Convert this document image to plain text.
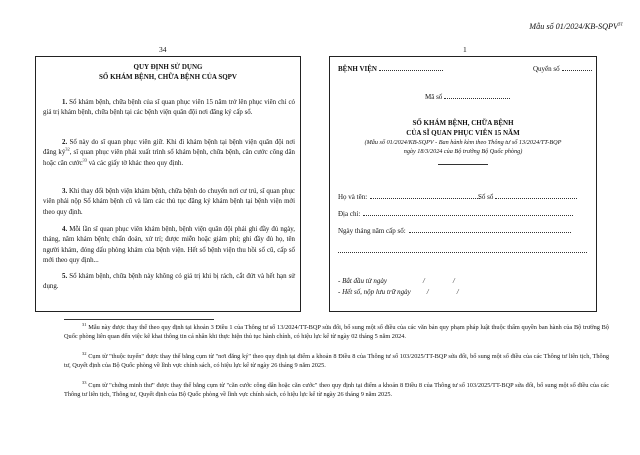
Mẫu số 01/2024/KB-SQPV$^{31}$
34
QUY ĐỊNH SỬ DỤNG
SỔ KHÁM BỆNH, CHỮA BỆNH CỦA SQPV
1. Sổ khám bệnh, chữa bệnh của sĩ quan phục viên 15 năm trở lên phục viên chỉ có giá trị khám bệnh, chữa bệnh tại các bệnh viện quân đội nơi đăng ký cấp sổ.
2. Sổ này do sĩ quan phục viên giữ. Khi đi khám bệnh tại bệnh viện quân đội nơi đăng $ký^{32}$, sĩ quan phục viên phải xuất trình sổ khám bệnh, chữa bệnh, căn cước công dân hoặc căn cước$^{33}$ và các giấy tờ khác theo quy định.
3. Khi thay đổi bệnh viện khám bệnh, chữa bệnh do chuyển nơi cư trú, sĩ quan phục viên phải nộp Sổ khám bệnh cũ và làm các thủ tục đăng ký khám bệnh tại bệnh viện mới theo quy định.
4. Mỗi lần sĩ quan phục viên khám bệnh, bệnh viện quân đội phải ghi đầy đủ ngày, tháng, năm khám bệnh; chẩn đoán, xử trí; được miễn hoặc giảm phí; ghi đầy đủ họ, tên người khám, đóng dấu phòng khám của bệnh viện. Hết sổ bệnh viện thu hồi sổ cũ, cấp sổ mới theo quy định...
5. Sổ khám bệnh, chữa bệnh này không có giá trị khi bị rách, cắt đứt và hết hạn sử dụng.
1
BỆNH VIỆN	Quyển số
Mã số
SỔ KHÁM BỆNH, CHỮA BỆNH
CỦA SĨ QUAN PHỤC VIÊN 15 NĂM
(Mẫu số 01/2024/KB-SQPV - Ban hành kèm theo Thông tư số 13/2024/TT-BQP
ngày 18/3/2024 của Bộ trưởng Bộ Quốc phòng)
Họ và tên:	Số sổ
Địa chỉ:
Ngày tháng năm cấp sổ:
- Bắt đầu từ ngày	/	/
- Hết số, nộp lưu trữ ngày /	/
$^{31}$ Mẫu này được thay thế theo quy định tại khoản 3 Điều 1 của Thông tư số 13/2024/TT-BQP sửa đổi, bổ sung một số điều của các văn bản quy phạm pháp luật thuộc thẩm quyền ban hành của Bộ trưởng Bộ Quốc phòng liên quan đến việc kê khai thông tin cá nhân khi thực hiện thủ tục hành chính, có hiệu lực kể từ ngày 02 tháng 5 năm 2024.
$^{32}$ Cụm từ "thuộc tuyến" được thay thế bằng cụm từ "nơi đăng ký" theo quy định tại điểm a khoản 8 Điều 8 của Thông tư số 103/2025/TT-BQP sửa đổi, bổ sung một số điều của các Thông tư liên tịch, Thông tư, Quyết định của Bộ Quốc phòng về lĩnh vực chính sách, có hiệu lực kể từ ngày 26 tháng 9 năm 2025.
$^{33}$ Cụm từ "chứng minh thư" được thay thế bằng cụm từ "căn cước công dân hoặc căn cước" theo quy định tại điểm a khoản 8 Điều 8 của Thông tư số 103/2025/TT-BQP sửa đổi, bổ sung một số điều của các Thông tư liên tịch, Thông tư, Quyết định của Bộ Quốc phòng về lĩnh vực chính sách, có hiệu lực kể từ ngày 26 tháng 9 năm 2025.
